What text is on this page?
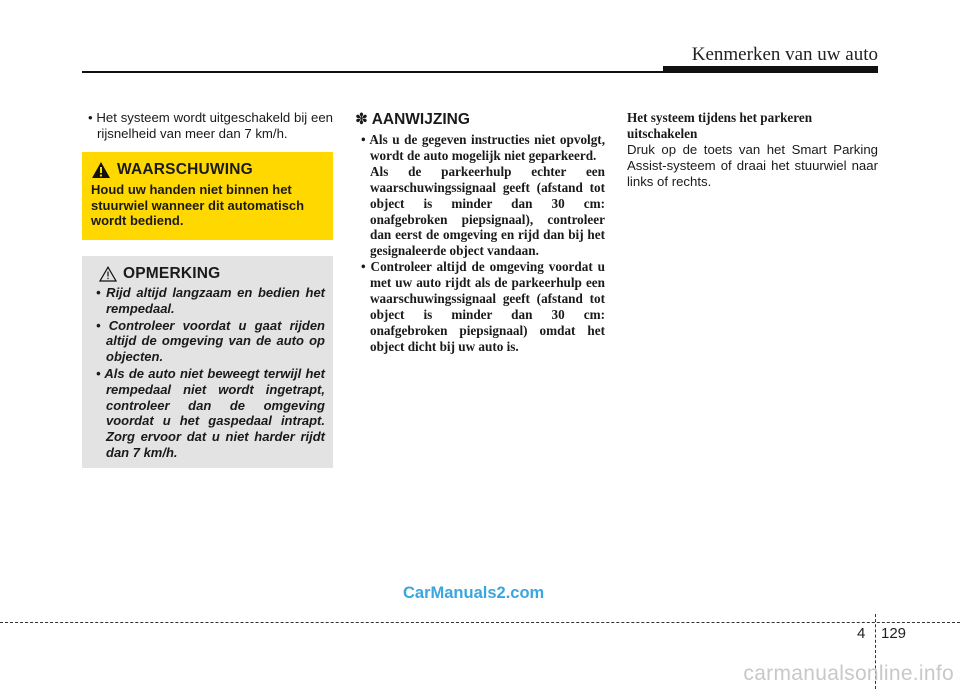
Kenmerken van uw auto

• Het systeem wordt uitgeschakeld bij een rijsnelheid van meer dan 7 km/h.

WAARSCHUWING
Houd uw handen niet binnen het stuurwiel wanneer dit automatisch wordt bediend.
OPMERKING
• Rijd altijd langzaam en bedien het rempedaal.
• Controleer voordat u gaat rijden altijd de omgeving van de auto op objecten.
• Als de auto niet beweegt terwijl het rempedaal niet wordt ingetrapt, controleer dan de omgeving voordat u het gaspedaal intrapt. Zorg ervoor dat u niet harder rijdt dan 7 km/h.

✽ AANWIJZING

• Als u de gegeven instructies niet opvolgt, wordt de auto mogelijk niet geparkeerd.
Als de parkeerhulp echter een waarschuwingssignaal geeft (afstand tot object is minder dan 30 cm: onafgebroken piepsignaal), controleer dan eerst de omgeving en rijd dan bij het gesignaleerde object vandaan.
• Controleer altijd de omgeving voordat u met uw auto rijdt als de parkeerhulp een waarschuwingssignaal geeft (afstand tot object is minder dan 30 cm: onafgebroken piepsignaal) omdat het object dicht bij uw auto is.

Het systeem tijdens het parkeren uitschakelen

Druk op de toets van het Smart Parking Assist-systeem of draai het stuurwiel naar links of rechts.

CarManuals2.com
4 129
carmanualsonline.info
